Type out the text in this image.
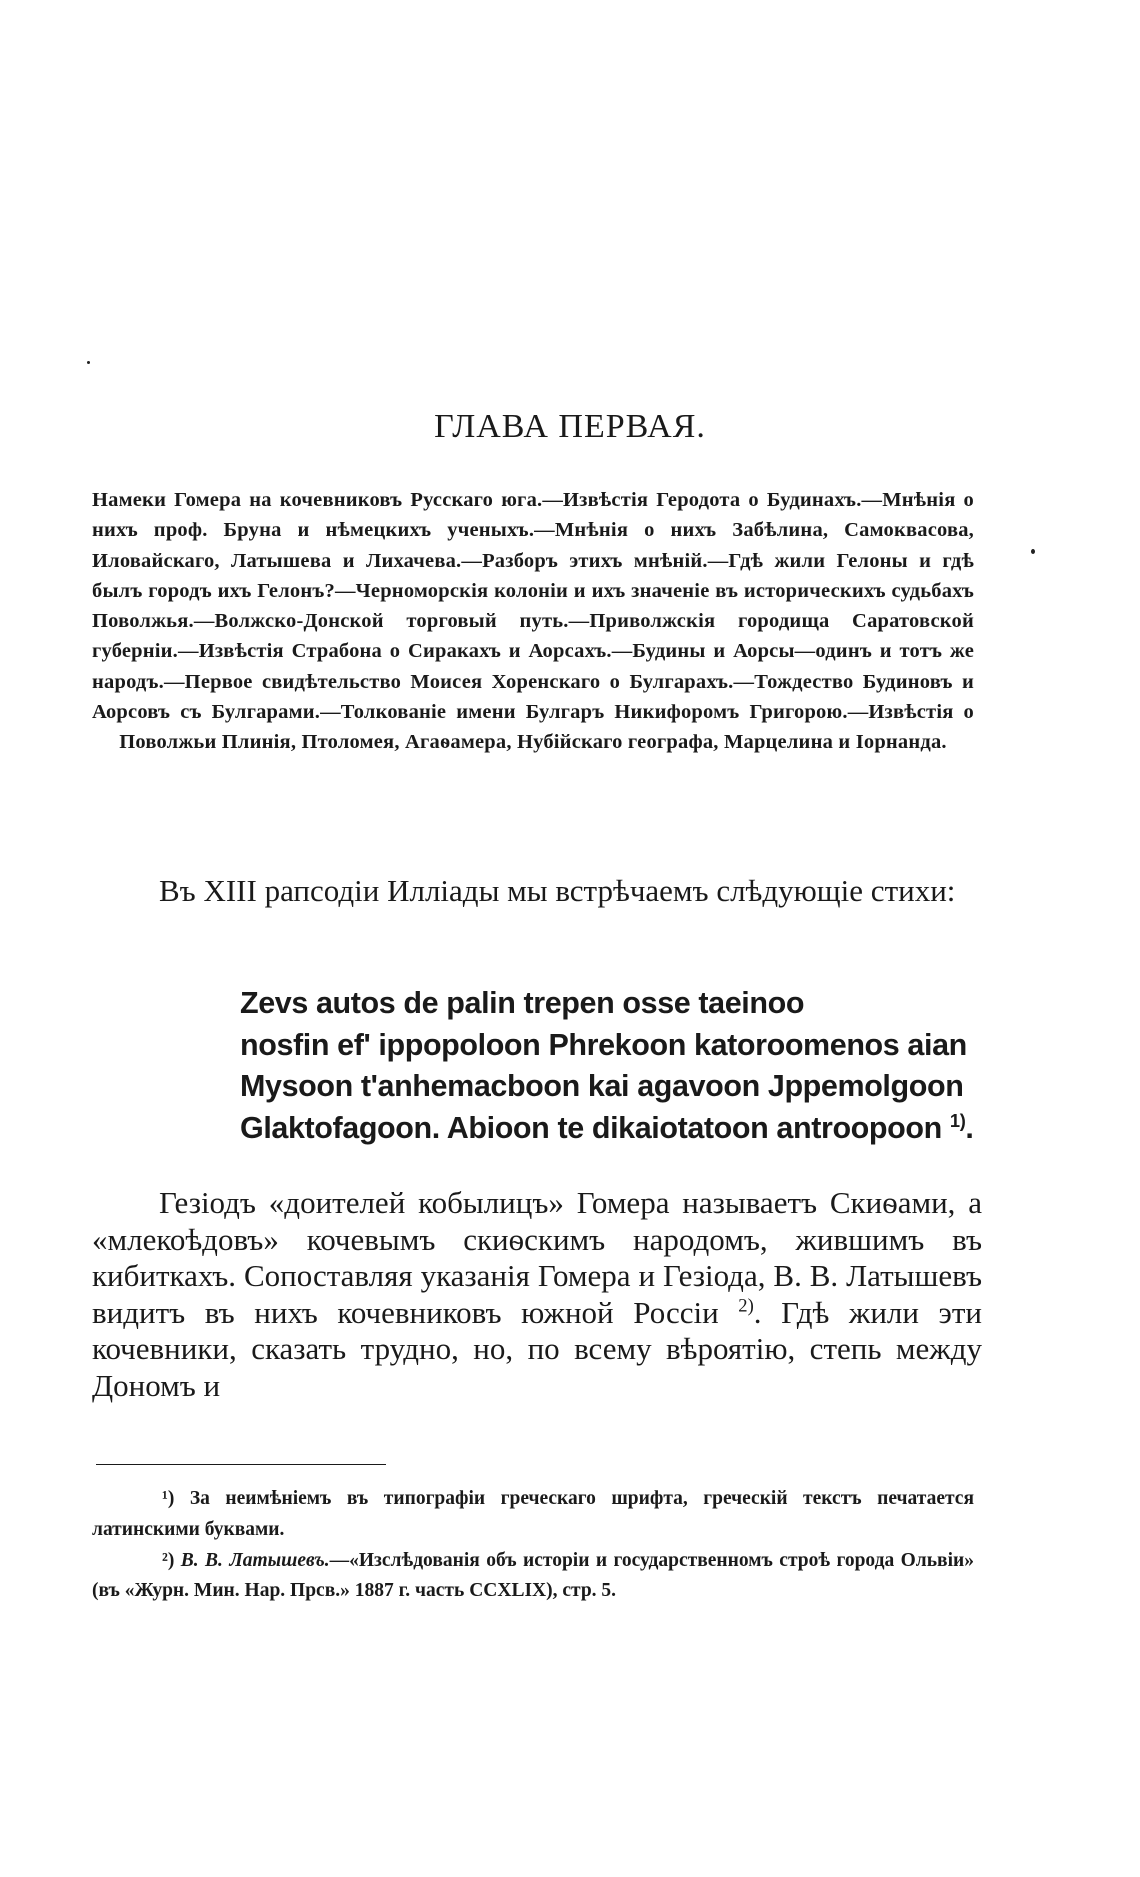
ГЛАВА ПЕРВАЯ.

Намеки Гомера на кочевниковъ Русскаго юга.—Извѣстія Геродота о Будинахъ.—Мнѣнія о нихъ проф. Бруна и нѣмецкихъ ученыхъ.—Мнѣнія о нихъ Забѣлина, Самоквасова, Иловайскаго, Латышева и Лихачева.—Разборъ этихъ мнѣній.—Гдѣ жили Гелоны и гдѣ былъ городъ ихъ Гелонъ?—Черноморскія колоніи и ихъ значеніе въ историческихъ судьбахъ Поволжья.—Волжско-Донской торговый путь.—Приволжскія городища Саратовской губерніи.—Извѣстія Страбона о Сиракахъ и Аорсахъ.—Будины и Аорсы—одинъ и тотъ же народъ.—Первое свидѣтельство Моисея Хоренскаго о Булгарахъ.—Тождество Будиновъ и Аорсовъ съ Булгарами.—Толкованіе имени Булгаръ Никифоромъ Григорою.—Извѣстія о Поволжьи Плинія, Птоломея, Агаѳамера, Нубійскаго географа, Марцелина и Іорнанда.

Въ XIII рапсодіи Илліады мы встрѣчаемъ слѣдующіе стихи:

Zevs autos de palin trepen osse taeinoo
nosfin ef' ippopoloon Phrekoon katoroomenos aian
Mysoon t'anhemacboon kai agavoon Jppemolgoon
Glaktofagoon. Abioon te dikaiotatoon antroopoon $^{1)}$.

Гезіодъ «доителей кобылицъ» Гомера называетъ Скиѳами, а «млекоѣдовъ» кочевымъ скиѳскимъ народомъ, жившимъ въ кибиткахъ. Сопоставляя указанія Гомера и Гезіода, В. В. Латышевъ видитъ въ нихъ кочевниковъ южной Россіи $^{2)}$. Гдѣ жили эти кочевники, сказать трудно, но, по всему вѣроятію, степь между Дономъ и

¹) За неимѣніемъ въ типографіи греческаго шрифта, греческій текстъ печатается латинскими буквами.

²) В. В. Латышевъ.—«Изслѣдованія объ исторіи и государственномъ строѣ города Ольвіи» (въ «Журн. Мин. Нар. Прсв.» 1887 г. часть CCXLIX), стр. 5.
